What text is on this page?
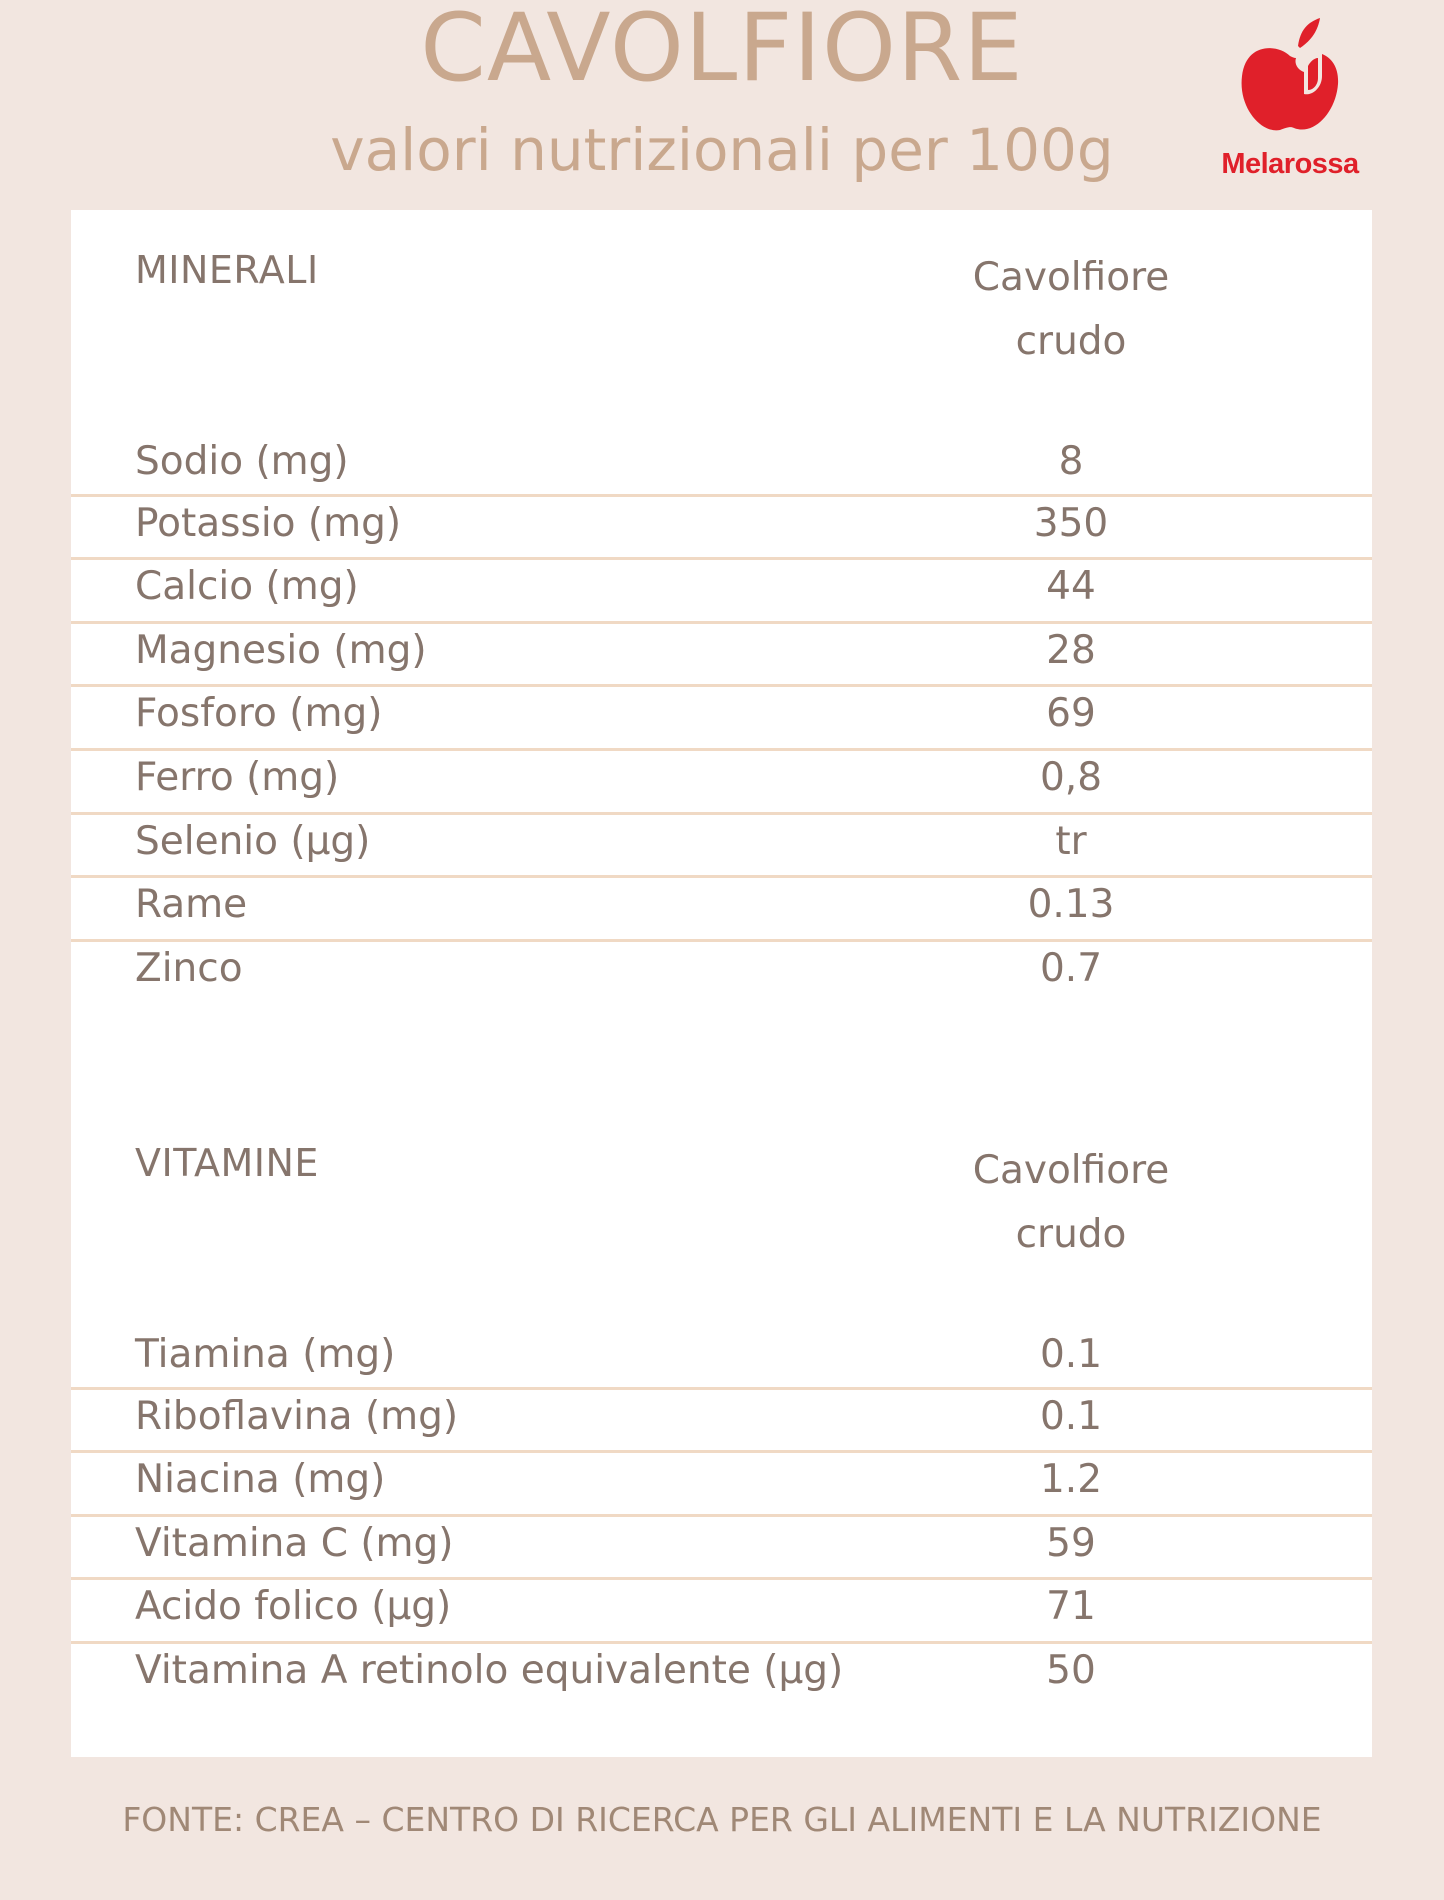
CAVOLFIORE
valori nutrizionali per 100g	Melarossa
MINERALI	Cavolfiore
crudo
Sodio (mg)	8
Potassio (mg)	350
Calcio (mg)	44
Magnesio (mg)	28
Fosforo (mg)	69
Ferro (mg)	0,8
Selenio (µg)	tr
Rame	0.13
Zinco	0.7
VITAMINE	Cavolfiore
crudo
Tiamina (mg)	0.1
Riboflavina (mg)	0.1
Niacina (mg)	1.2
Vitamina C (mg)	59
Acido folico (µg)	71
Vitamina A retinolo equivalente (µg)	50
FONTE: CREA – CENTRO DI RICERCA PER GLI ALIMENTI E LA NUTRIZIONE
